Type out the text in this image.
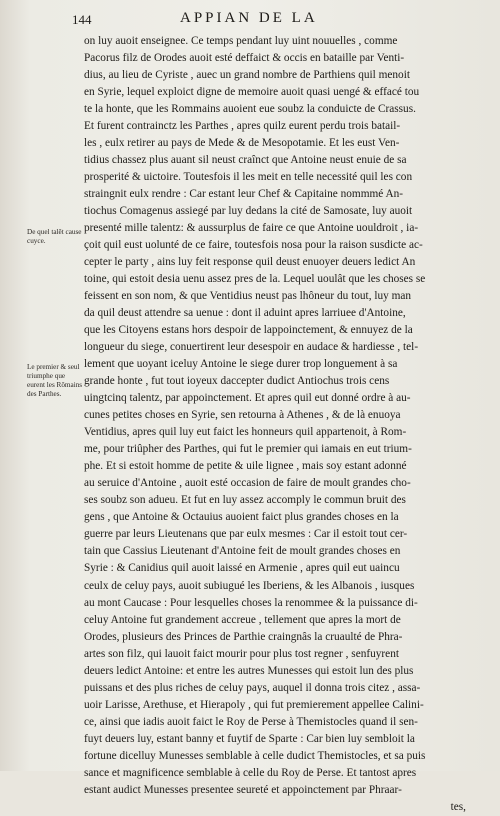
144	APPIAN DE LA
De quel talêt cause cuyce.
Le premier & seul triumphe que eurent les Rômains des Parthes.
on luy auoit enseignee. Ce temps pendant luy uint nouuelles , comme
Pacorus filz de Orodes auoit esté deffaict & occis en bataille par Venti-
dius, au lieu de Cyriste , auec un grand nombre de Parthiens quil menoit
en Syrie, lequel exploict digne de memoire auoit quasi uengé & effacé tou
te la honte, que les Rommains auoient eue soubz la conduicte de Crassus.
Et furent contrainctz les Parthes , apres quilz eurent perdu trois batail-
les , eulx retirer au pays de Mede & de Mesopotamie. Et les eust Ven-
tidius chassez plus auant sil neust craînct que Antoine neust enuie de sa
prosperité & uictoire. Toutesfois il les meit en telle necessité quil les con
straingnit eulx rendre : Car estant leur Chef & Capitaine nommmé An-
tiochus Comagenus assiegé par luy dedans la cité de Samosate, luy auoit
presenté mille talentz: & aussurplus de faire ce que Antoine uouldroit , ia-
çoit quil eust uolunté de ce faire, toutesfois nosa pour la raison susdicte ac-
cepter le party , ains luy feit response quil deust enuoyer deuers ledict An
toine, qui estoit desia uenu assez pres de la. Lequel uoulât que les choses se
feissent en son nom, & que Ventidius neust pas lhôneur du tout, luy man
da quil deust attendre sa uenue : dont il aduint apres larriuee d'Antoine,
que les Citoyens estans hors despoir de lappoinctement, & ennuyez de la
longueur du siege, conuertirent leur desespoir en audace & hardiesse , tel-
lement que uoyant iceluy Antoine le siege durer trop longuement à sa
grande honte , fut tout ioyeux daccepter dudict Antiochus trois cens
uingtcinq talentz, par appoinctement. Et apres quil eut donné ordre à au-
cunes petites choses en Syrie, sen retourna à Athenes , & de là enuoya
Ventidius, apres quil luy eut faict les honneurs quil appartenoit, à Rom-
me, pour triûpher des Parthes, qui fut le premier qui iamais en eut trium-
phe. Et si estoit homme de petite & uile lignee , mais soy estant adonné
au seruice d'Antoine , auoit esté occasion de faire de moult grandes cho-
ses soubz son adueu. Et fut en luy assez accomply le commun bruit des
gens , que Antoine & Octauius auoient faict plus grandes choses en la
guerre par leurs Lieutenans que par eulx mesmes : Car il estoit tout cer-
tain que Cassius Lieutenant d'Antoine feit de moult grandes choses en
Syrie : & Canidius quil auoit laissé en Armenie , apres quil eut uaincu
ceulx de celuy pays, auoit subiugué les Iberiens, & les Albanois , iusques
au mont Caucase : Pour lesquelles choses la renommee & la puissance di-
celuy Antoine fut grandement accreue , tellement que apres la mort de
Orodes, plusieurs des Princes de Parthie craingnâs la cruaulté de Phra-
artes son filz, qui lauoit faict mourir pour plus tost regner , senfuyrent
deuers ledict Antoine: et entre les autres Munesses qui estoit lun des plus
puissans et des plus riches de celuy pays, auquel il donna trois citez , assa-
uoir Larisse, Arethuse, et Hierapoly , qui fut premierement appellee Calini-
ce, ainsi que iadis auoit faict le Roy de Perse à Themistocles quand il sen-
fuyt deuers luy, estant banny et fuytif de Sparte : Car bien luy sembloit la
fortune dicelluy Munesses semblable à celle dudict Themistocles, et sa puis
sance et magnificence semblable à celle du Roy de Perse. Et tantost apres
estant audict Munesses presentee seureté et appoinctement par Phraar-
tes,
